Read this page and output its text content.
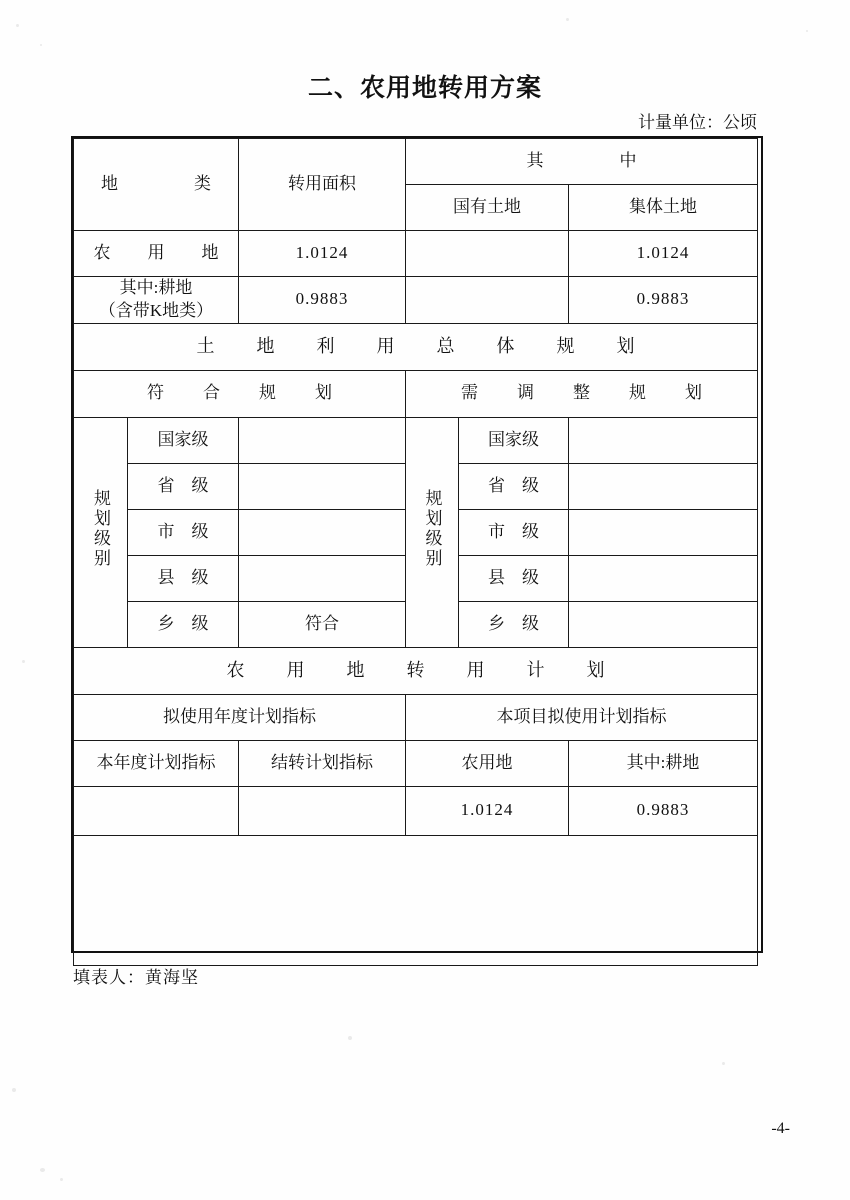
二、农用地转用方案
计量单位：公顷
地　　类		转用面积	其　　中		
			国有土地		集体土地
农　用　地		1.0124			1.0124

其中:耕地
（含带K地类）		0.9883			0.9883
土　地　利　用　总　体　规　划					
符　合　规　划			需　调　整　规　划		
规划级别	国家级		规划级别	国家级	
	省　级			省　级	
	市　级			市　级	
	县　级			县　级	
	乡　级	符合		乡　级	
农　用　地　转　用　计　划					
拟使用年度计划指标			本项目拟使用计划指标		
本年度计划指标		结转计划指标	农用地		其中:耕地
			1.0124		0.9883

填表人：黄海坚
-4-
